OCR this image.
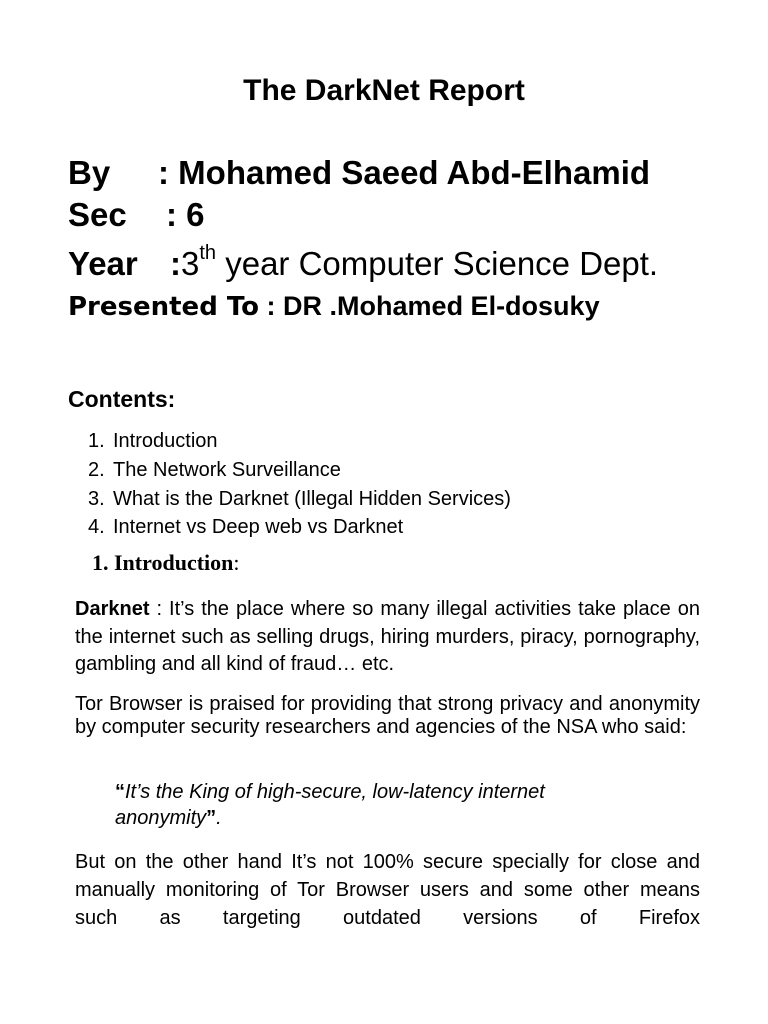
The DarkNet Report
By : Mohamed Saeed Abd-Elhamid
Sec : 6
Year :3th year Computer Science Dept.
Presented To : DR .Mohamed El-dosuky
Contents:
1. Introduction
2. The Network Surveillance
3. What is the Darknet (Illegal Hidden Services)
4. Internet vs Deep web vs Darknet
1. Introduction:

Darknet : It’s the place where so many illegal activities take place on the internet such as selling drugs, hiring murders, piracy, pornography, gambling and all kind of fraud… etc.

Tor Browser is praised for providing that strong privacy and anonymity by computer security researchers and agencies of the NSA who said:

“It’s the King of high-secure, low-latency internet anonymity”.

But on the other hand It’s not 100% secure specially for close and manually monitoring of Tor Browser users and some other means such as targeting outdated versions of Firefox
